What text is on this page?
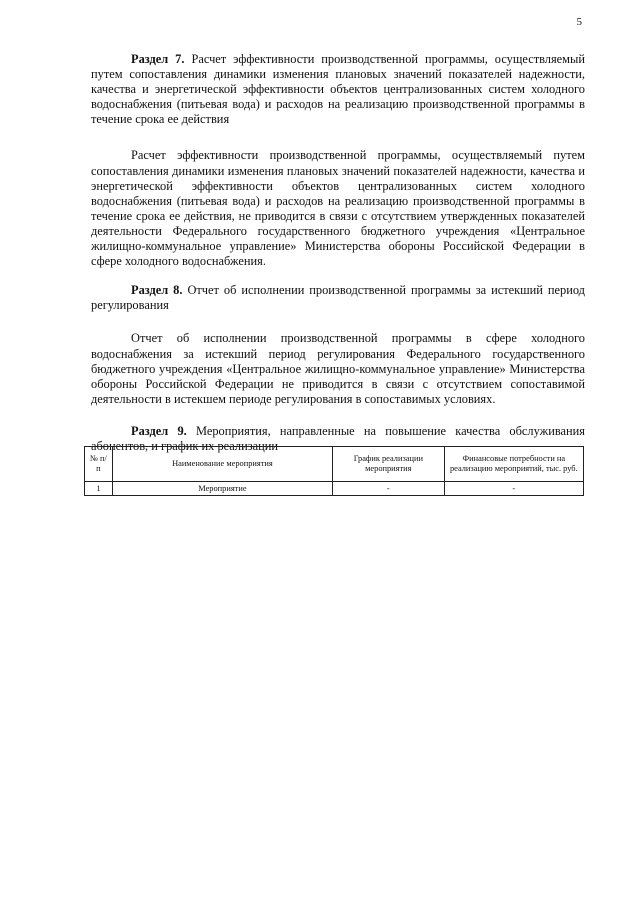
5

Раздел 7. Расчет эффективности производственной программы, осуществляемый путем сопоставления динамики изменения плановых значений показателей надежности, качества и энергетической эффективности объектов централизованных систем холодного водоснабжения (питьевая вода) и расходов на реализацию производственной программы в течение срока ее действия

Расчет эффективности производственной программы, осуществляемый путем сопоставления динамики изменения плановых значений показателей надежности, качества и энергетической эффективности объектов централизованных систем холодного водоснабжения (питьевая вода) и расходов на реализацию производственной программы в течение срока ее действия, не приводится в связи с отсутствием утвержденных показателей деятельности Федерального государственного бюджетного учреждения «Центральное жилищно-коммунальное управление» Министерства обороны Российской Федерации в сфере холодного водоснабжения.

Раздел 8. Отчет об исполнении производственной программы за истекший период регулирования

Отчет об исполнении производственной программы в сфере холодного водоснабжения за истекший период регулирования Федерального государственного бюджетного учреждения «Центральное жилищно-коммунальное управление» Министерства обороны Российской Федерации не приводится в связи с отсутствием сопоставимой деятельности в истекшем периоде регулирования в сопоставимых условиях.

Раздел 9. Мероприятия, направленные на повышение качества обслуживания абонентов, и график их реализации

№ п/п	Наименование мероприятия	График реализации мероприятия	Финансовые потребности на реализацию мероприятий, тыс. руб.
1	Мероприятие	-	-
